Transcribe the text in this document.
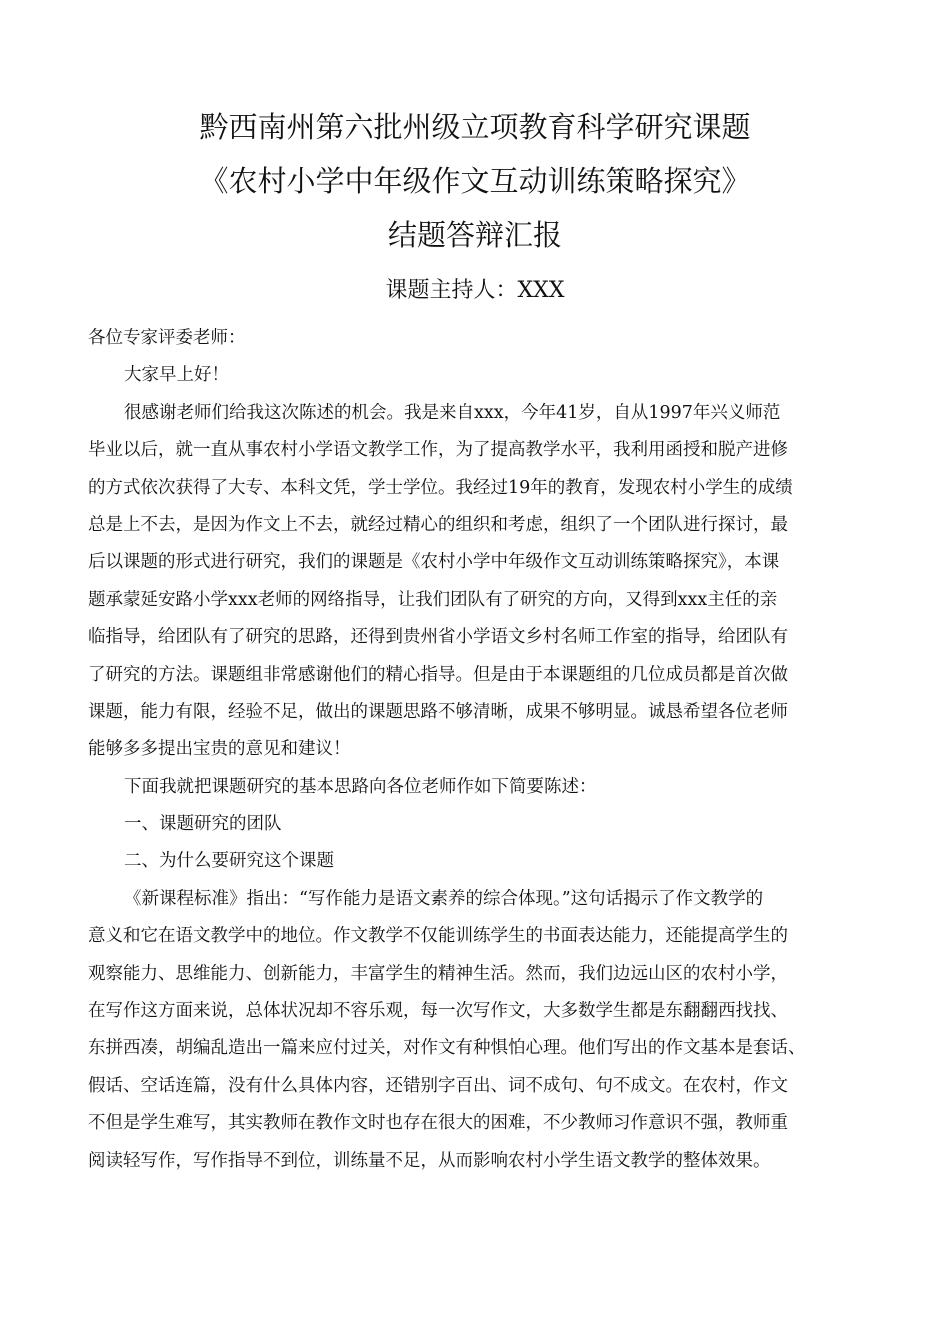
黔西南州第六批州级立项教育科学研究课题
《农村小学中年级作文互动训练策略探究》
结题答辩汇报
课题主持人：XXX
各位专家评委老师：
大家早上好！
很感谢老师们给我这次陈述的机会。我是来自xxx，今年41岁，自从1997年兴义师范
毕业以后，就一直从事农村小学语文教学工作，为了提高教学水平，我利用函授和脱产进修
的方式依次获得了大专、本科文凭，学士学位。我经过19年的教育，发现农村小学生的成绩
总是上不去，是因为作文上不去，就经过精心的组织和考虑，组织了一个团队进行探讨，最
后以课题的形式进行研究，我们的课题是《农村小学中年级作文互动训练策略探究》，本课
题承蒙延安路小学xxx老师的网络指导，让我们团队有了研究的方向，又得到xxx主任的亲
临指导，给团队有了研究的思路，还得到贵州省小学语文乡村名师工作室的指导，给团队有
了研究的方法。课题组非常感谢他们的精心指导。但是由于本课题组的几位成员都是首次做
课题，能力有限，经验不足，做出的课题思路不够清晰，成果不够明显。诚恳希望各位老师
能够多多提出宝贵的意见和建议！
下面我就把课题研究的基本思路向各位老师作如下简要陈述：
一、课题研究的团队
二、为什么要研究这个课题
《新课程标准》指出：“写作能力是语文素养的综合体现。”这句话揭示了作文教学的
意义和它在语文教学中的地位。作文教学不仅能训练学生的书面表达能力，还能提高学生的
观察能力、思维能力、创新能力，丰富学生的精神生活。然而，我们边远山区的农村小学，
在写作这方面来说，总体状况却不容乐观，每一次写作文，大多数学生都是东翻翻西找找、
东拼西凑，胡编乱造出一篇来应付过关，对作文有种惧怕心理。他们写出的作文基本是套话、
假话、空话连篇，没有什么具体内容，还错别字百出、词不成句、句不成文。在农村，作文
不但是学生难写，其实教师在教作文时也存在很大的困难，不少教师习作意识不强，教师重
阅读轻写作，写作指导不到位，训练量不足，从而影响农村小学生语文教学的整体效果。
